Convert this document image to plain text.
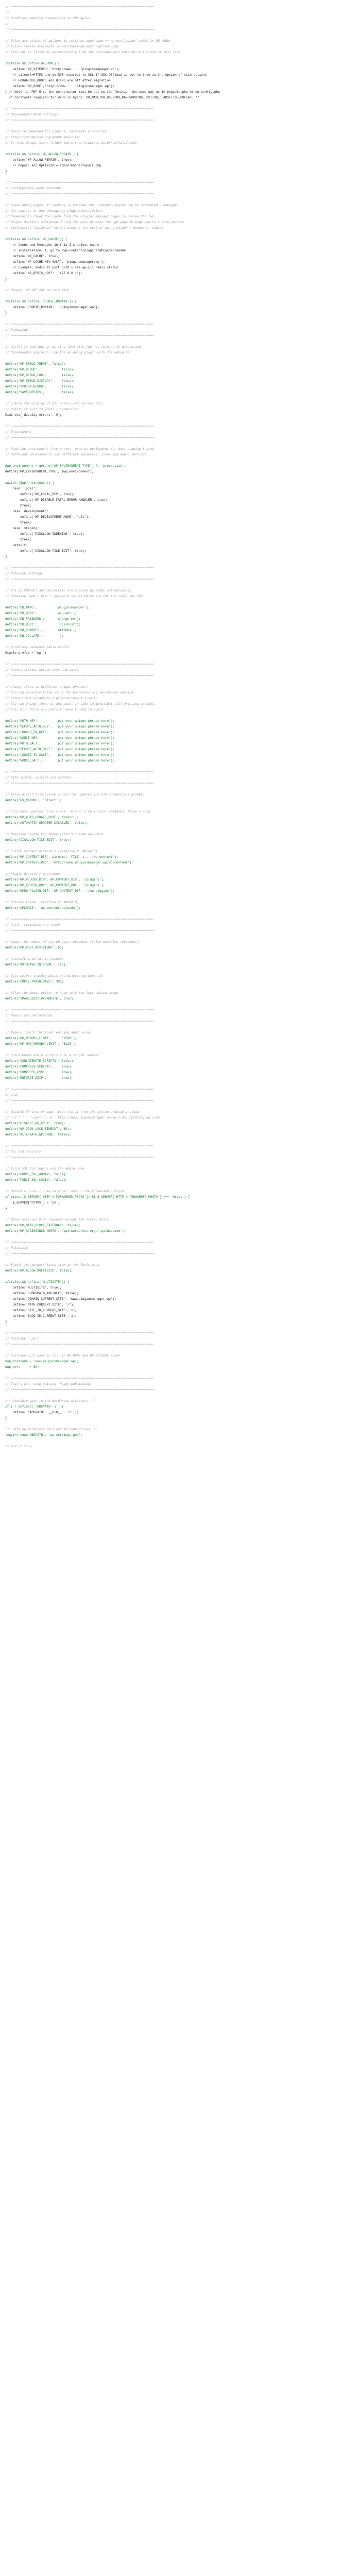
// ============================================================================
//
// WordPress website credentials on VPS wplus
//
// ============================================================================

// Below are values of options in settings-apps/enad => wp-config.php" table in DB (WWW)
// Active tweaks available in localhost/wp-admin/options.php
// Site URL is filled in automatically from the Hostname-port entered in the end of this file

if(false && define(WP_HOME) {
define('WP_SITEURL','http://www.' . 'pluginsmanager.wp');
// siteurl=HTTPS and do NOT redirect to SSL if SSL Offload is set to true in the option of site_options
// FORWARDED_PROTO and HTTPS are off after migration
define('WP_HOME','http://www.' . 'pluginsmanager.wp');
} // Note: in PHP 5.x, the constructor must be set up the function the same way as in phpinfo.php or wp-config.php
/* Constants required for WPDB in mysql: DB_NAME/DB_USER/DB_PASSWORD/DB_HOST/DB_CHARSET/DB_COLLATE */

// ============================================================================
// Recommended WPDB settings
// ============================================================================

// Below recommended for plugins, databases & security
// https://wordpress.org/about/security/
// In this plugin store folder there's an htaccess-wp/ServerValidation

if(false && define('WP_ALLOW_REPAIR') {
define('WP_ALLOW_REPAIR', true);
// Repair and Optimize = admin/maint/repair.php
}

// ============================================================================
// Configurable cache settings
// ============================================================================

// Speed-debug pages: if caching is enabled then tracked plugins can be activated / debugged
// Use caution in dev debugging: plugins/controllers
// Remember to clear the cache from the Plugins manager pages to review the tab
// Plugin monitors activated during the ajax process through-page in-page and to a site sandbox
// (multisite) "database" object caching (no cost of using either = memcache, redis)

if(false && define('WP_CACHE')) {
// Cache and Memcache in this 3.x object cache
// Installation: 1. go to /wp-content/plugins/WPcache/readme
define('WP_CACHE', true);
define('WP_CACHE_KEY_SALT', 'pluginsmanager.wp');
// Example: Redis at port 6379 — see wp-cli redis status
define('WP_REDIS_HOST', '127.0.0.1');
}

// Plugin: WP USE SSL on this file

if(false && define('COOKIE_DOMAIN')) {
define('COOKIE_DOMAIN', '.pluginsmanager.wp');
}

// ============================================================================
// Debugging
// ============================================================================

// Useful in developing; is it a live site (do not turn on in production)
// Recommended approach: use the wp-debug plugin with the debug bar

define('WP_DEBUG_THEME', false);
define('WP_DEBUG',            false);
define('WP_DEBUG_LOG',        false);
define('WP_DEBUG_DISPLAY',    false);
define('SCRIPT_DEBUG',        false);
define('SAVEQUERIES',         false);

// Enable the display of all errors (php errors etc)
// Adjust to suit in local / production
@ini_set('display_errors', 0);

// ============================================================================
// Environment
// ============================================================================

// Read the environment from server, used by deployment for dev, staging & prod
// Different environments use different databases, sites and debug settings

$wp_environment = getenv('WP_ENVIRONMENT_TYPE') ?: 'production';
define('WP_ENVIRONMENT_TYPE', $wp_environment);

switch ($wp_environment) {
case 'local':
define('WP_LOCAL_DEV', true);
define('WP_DISABLE_FATAL_ERROR_HANDLER', true);
break;
case 'development':
define('WP_DEVELOPMENT_MODE', 'all');
break;
case 'staging':
define('DISALLOW_INDEXING', true);
break;
default:
define('DISALLOW_FILE_EDIT', true);
}

// ============================================================================
// Database settings
// ============================================================================

// The DB_CHARSET and DB_COLLATE are applied by MySQL automatically
// Database name / user / password values below are for the local dev VPS

define('DB_NAME',          'pluginsmanager');
define('DB_USER',          'wp_user');
define('DB_PASSWORD',      'change-me');
define('DB_HOST',          'localhost');
define('DB_CHARSET',       'utf8mb4');
define('DB_COLLATE',       '');

// WordPress database table prefix
$table_prefix = 'wp_';

// ============================================================================
// Authentication unique keys and salts
// ============================================================================

// Change these to different unique phrases!
// You can generate these using the WordPress.org secret-key service
// https://api.wordpress.org/secret-key/1.1/salt/
// You can change these at any point in time to invalidate all existing cookies.
// This will force all users to have to log in again.

define('AUTH_KEY',         'put your unique phrase here');
define('SECURE_AUTH_KEY',  'put your unique phrase here');
define('LOGGED_IN_KEY',    'put your unique phrase here');
define('NONCE_KEY',        'put your unique phrase here');
define('AUTH_SALT',        'put your unique phrase here');
define('SECURE_AUTH_SALT', 'put your unique phrase here');
define('LOGGED_IN_SALT',   'put your unique phrase here');
define('NONCE_SALT',       'put your unique phrase here');

// ============================================================================
// File system, uploads and updates
// ============================================================================

// Allow direct file system access for updates (no FTP credentials prompt)
define('FS_METHOD', 'direct');

// Core auto updates: true = all, 'minor' = only minor releases, false = none
define('WP_AUTO_UPDATE_CORE', 'minor');
define('AUTOMATIC_UPDATER_DISABLED', false);

// Disallow plugin and theme editors inside wp-admin
define('DISALLOW_FILE_EDIT', true);

// Custom content directory (relative to ABSPATH)
define('WP_CONTENT_DIR', dirname(__FILE__) . '/wp-content');
define('WP_CONTENT_URL', 'http://www.pluginsmanager.wp/wp-content');

// Plugin directory overrides
define('WP_PLUGIN_DIR', WP_CONTENT_DIR . '/plugins');
define('WP_PLUGIN_URL', WP_CONTENT_URL . '/plugins');
define('WPMU_PLUGIN_DIR', WP_CONTENT_DIR . '/mu-plugins');

// Uploads folder (relative to ABSPATH)
define('UPLOADS', 'wp-content/uploads');

// ============================================================================
// Posts, revisions and trash
// ============================================================================

// Limit the number of stored post revisions (false disables revisions)
define('WP_POST_REVISIONS', 5);

// Autosave interval in seconds
define('AUTOSAVE_INTERVAL', 120);

// Days before trashed posts are deleted permanently
define('EMPTY_TRASH_DAYS', 30);

// Allow the image editor to keep only the last edited image
define('IMAGE_EDIT_OVERWRITE', true);

// ============================================================================
// Memory and performance
// ============================================================================

// Memory limits for front end and admin area
define('WP_MEMORY_LIMIT',     '256M');
define('WP_MAX_MEMORY_LIMIT', '512M');

// Concatenate admin scripts into a single request
define('CONCATENATE_SCRIPTS', false);
define('COMPRESS_SCRIPTS',    true);
define('COMPRESS_CSS',        true);
define('ENFORCE_GZIP',        true);

// ============================================================================
// Cron
// ============================================================================

// Disable WP-Cron on page load; run it from the system crontab instead
// */5 * * * * wget -q -O - http://www.pluginsmanager.wp/wp-cron.php?doing_wp_cron
define('DISABLE_WP_CRON', true);
define('WP_CRON_LOCK_TIMEOUT', 60);
define('ALTERNATE_WP_CRON', false);

// ============================================================================
// SSL and security
// ============================================================================

// Force SSL for logins and the admin area
define('FORCE_SSL_ADMIN', false);
define('FORCE_SSL_LOGIN', false);

// Behind a proxy / load balancer: honour the forwarded protocol
if (isset($_SERVER['HTTP_X_FORWARDED_PROTO']) && $_SERVER['HTTP_X_FORWARDED_PROTO'] === 'https') {
$_SERVER['HTTPS'] = 'on';
}

// Block external HTTP requests except the listed hosts
define('WP_HTTP_BLOCK_EXTERNAL', false);
define('WP_ACCESSIBLE_HOSTS', 'api.wordpress.org,*.github.com');

// ============================================================================
// Multisite
// ============================================================================

// Enable the Network Setup item in the Tools menu
define('WP_ALLOW_MULTISITE', false);

if(false && define('MULTISITE')) {
define('MULTISITE', true);
define('SUBDOMAIN_INSTALL', false);
define('DOMAIN_CURRENT_SITE', 'www.pluginsmanager.wp');
define('PATH_CURRENT_SITE', '/');
define('SITE_ID_CURRENT_SITE', 1);
define('BLOG_ID_CURRENT_SITE', 1);
}

// ============================================================================
// Hostname / port
// ============================================================================

// Hostname-port used to fill in WP_HOME and WP_SITEURL above
$wp_hostname = 'www.pluginsmanager.wp';
$wp_port     = 80;

// ============================================================================
// That's all, stop editing! Happy publishing.
// ============================================================================

/** Absolute path to the WordPress directory. */
if ( ! defined( 'ABSPATH' ) ) {
define( 'ABSPATH', __DIR__ . '/' );
}

/** Sets up WordPress vars and included files. */
require_once ABSPATH . 'wp-settings.php';

// end of file
